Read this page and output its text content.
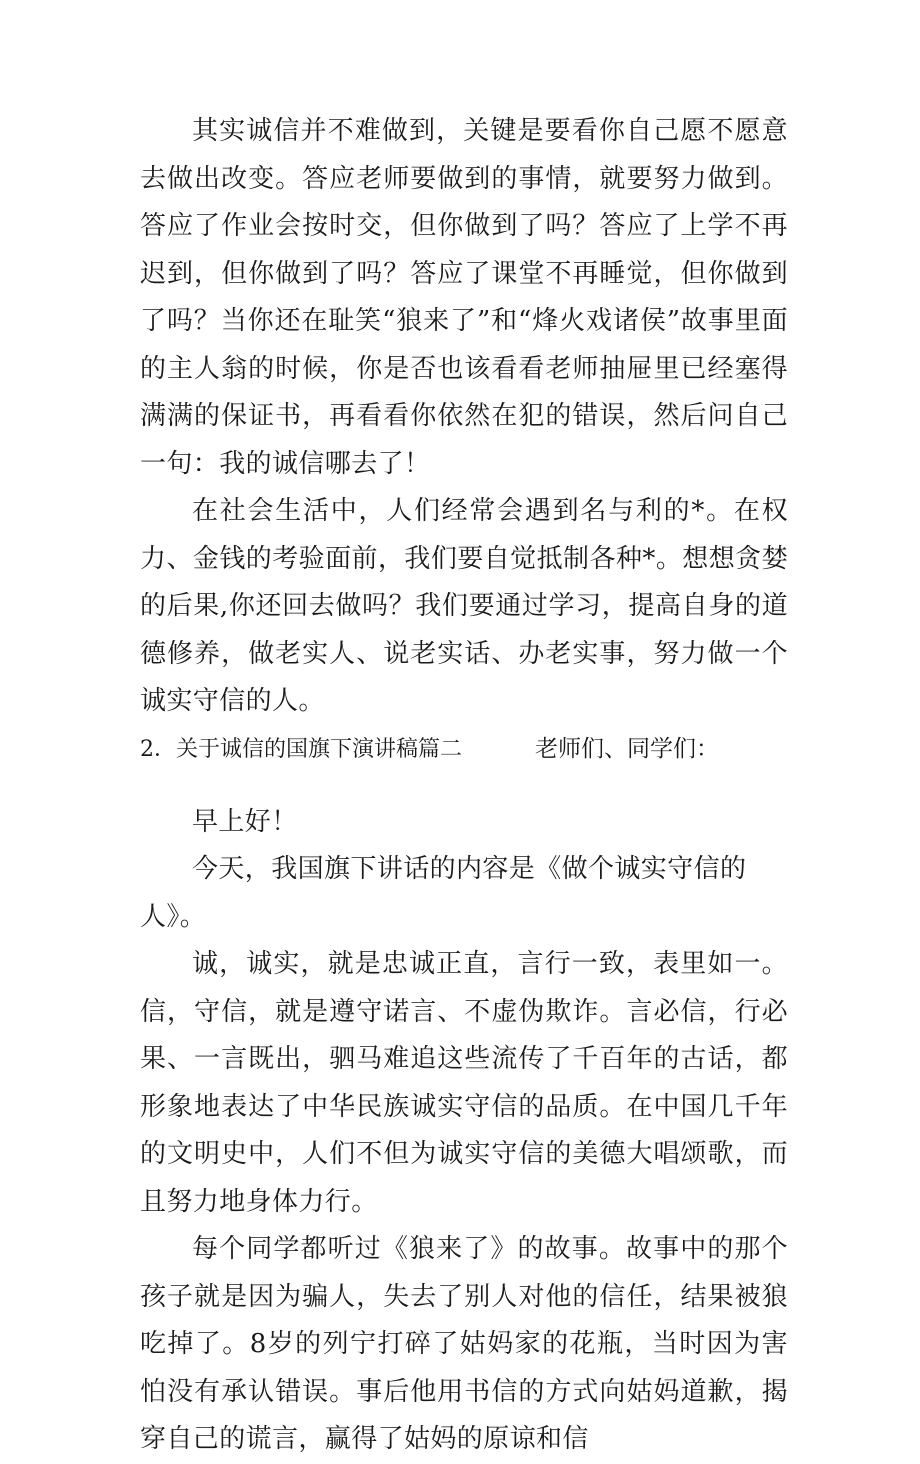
其实诚信并不难做到，关键是要看你自己愿不愿意去做出改变。答应老师要做到的事情，就要努力做到。答应了作业会按时交，但你做到了吗？答应了上学不再迟到，但你做到了吗？答应了课堂不再睡觉，但你做到了吗？当你还在耻笑“狼来了”和“烽火戏诸侯”故事里面的主人翁的时候，你是否也该看看老师抽屉里已经塞得满满的保证书，再看看你依然在犯的错误，然后问自己一句：我的诚信哪去了！

在社会生活中，人们经常会遇到名与利的*。在权力、金钱的考验面前，我们要自觉抵制各种*。想想贪婪的后果,你还回去做吗？我们要通过学习，提高自身的道德修养，做老实人、说老实话、办老实事，努力做一个诚实守信的人。

2．关于诚信的国旗下演讲稿篇二	老师们、同学们：

早上好！

今天，我国旗下讲话的内容是《做个诚实守信的人》。

诚，诚实，就是忠诚正直，言行一致，表里如一。信，守信，就是遵守诺言、不虚伪欺诈。言必信，行必果、一言既出，驷马难追这些流传了千百年的古话，都形象地表达了中华民族诚实守信的品质。在中国几千年的文明史中，人们不但为诚实守信的美德大唱颂歌，而且努力地身体力行。

每个同学都听过《狼来了》的故事。故事中的那个孩子就是因为骗人，失去了别人对他的信任，结果被狼吃掉了。8岁的列宁打碎了姑妈家的花瓶，当时因为害怕没有承认错误。事后他用书信的方式向姑妈道歉，揭穿自己的谎言，赢得了姑妈的原谅和信
